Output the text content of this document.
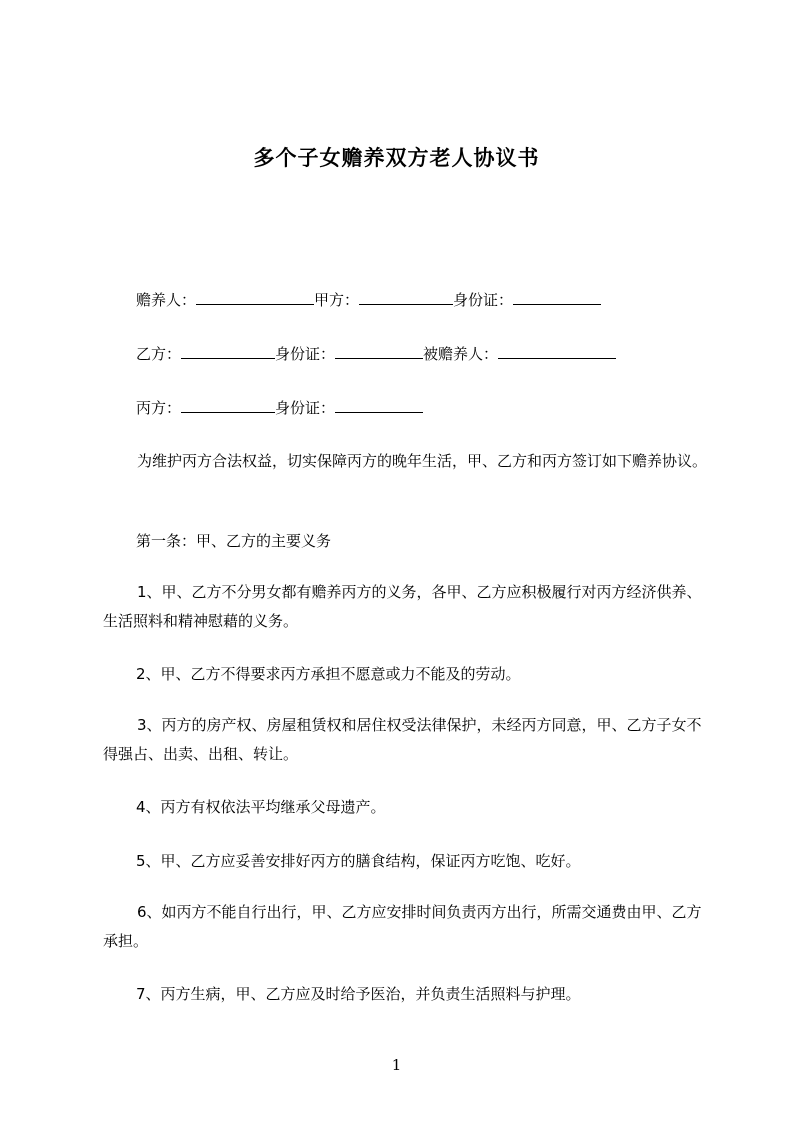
多个子女赡养双方老人协议书
赡养人：	甲方：	身份证：
乙方：	身份证：	被赡养人：
丙方：	身份证：
为维护丙方合法权益，切实保障丙方的晚年生活，甲、乙方和丙方签订如下赡养协议。
第一条：甲、乙方的主要义务
1、甲、乙方不分男女都有赡养丙方的义务，各甲、乙方应积极履行对丙方经济供养、生活照料和精神慰藉的义务。
2、甲、乙方不得要求丙方承担不愿意或力不能及的劳动。
3、丙方的房产权、房屋租赁权和居住权受法律保护，未经丙方同意，甲、乙方子女不得强占、出卖、出租、转让。
4、丙方有权依法平均继承父母遗产。
5、甲、乙方应妥善安排好丙方的膳食结构，保证丙方吃饱、吃好。
6、如丙方不能自行出行，甲、乙方应安排时间负责丙方出行，所需交通费由甲、乙方承担。
7、丙方生病，甲、乙方应及时给予医治，并负责生活照料与护理。
1
